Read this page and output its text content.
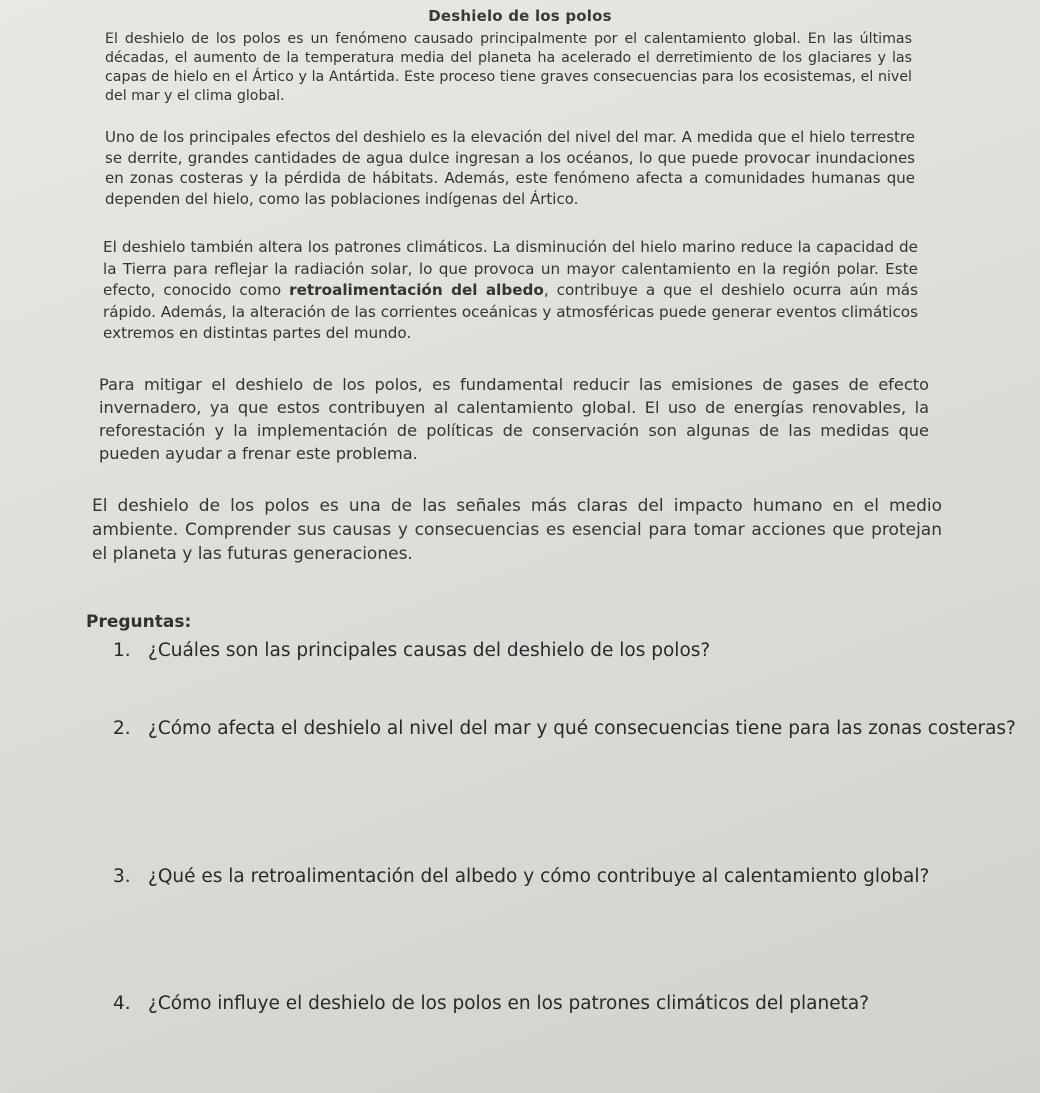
Deshielo de los polos

El deshielo de los polos es un fenómeno causado principalmente por el calentamiento global. En las últimas décadas, el aumento de la temperatura media del planeta ha acelerado el derretimiento de los glaciares y las capas de hielo en el Ártico y la Antártida. Este proceso tiene graves consecuencias para los ecosistemas, el nivel del mar y el clima global.

Uno de los principales efectos del deshielo es la elevación del nivel del mar. A medida que el hielo terrestre se derrite, grandes cantidades de agua dulce ingresan a los océanos, lo que puede provocar inundaciones en zonas costeras y la pérdida de hábitats. Además, este fenómeno afecta a comunidades humanas que dependen del hielo, como las poblaciones indígenas del Ártico.

El deshielo también altera los patrones climáticos. La disminución del hielo marino reduce la capacidad de la Tierra para reflejar la radiación solar, lo que provoca un mayor calentamiento en la región polar. Este efecto, conocido como retroalimentación del albedo, contribuye a que el deshielo ocurra aún más rápido. Además, la alteración de las corrientes oceánicas y atmosféricas puede generar eventos climáticos extremos en distintas partes del mundo.

Para mitigar el deshielo de los polos, es fundamental reducir las emisiones de gases de efecto invernadero, ya que estos contribuyen al calentamiento global. El uso de energías renovables, la reforestación y la implementación de políticas de conservación son algunas de las medidas que pueden ayudar a frenar este problema.

El deshielo de los polos es una de las señales más claras del impacto humano en el medio ambiente. Comprender sus causas y consecuencias es esencial para tomar acciones que protejan el planeta y las futuras generaciones.

Preguntas:
1. ¿Cuáles son las principales causas del deshielo de los polos?
2. ¿Cómo afecta el deshielo al nivel del mar y qué consecuencias tiene para las zonas costeras?
3. ¿Qué es la retroalimentación del albedo y cómo contribuye al calentamiento global?
4. ¿Cómo influye el deshielo de los polos en los patrones climáticos del planeta?
